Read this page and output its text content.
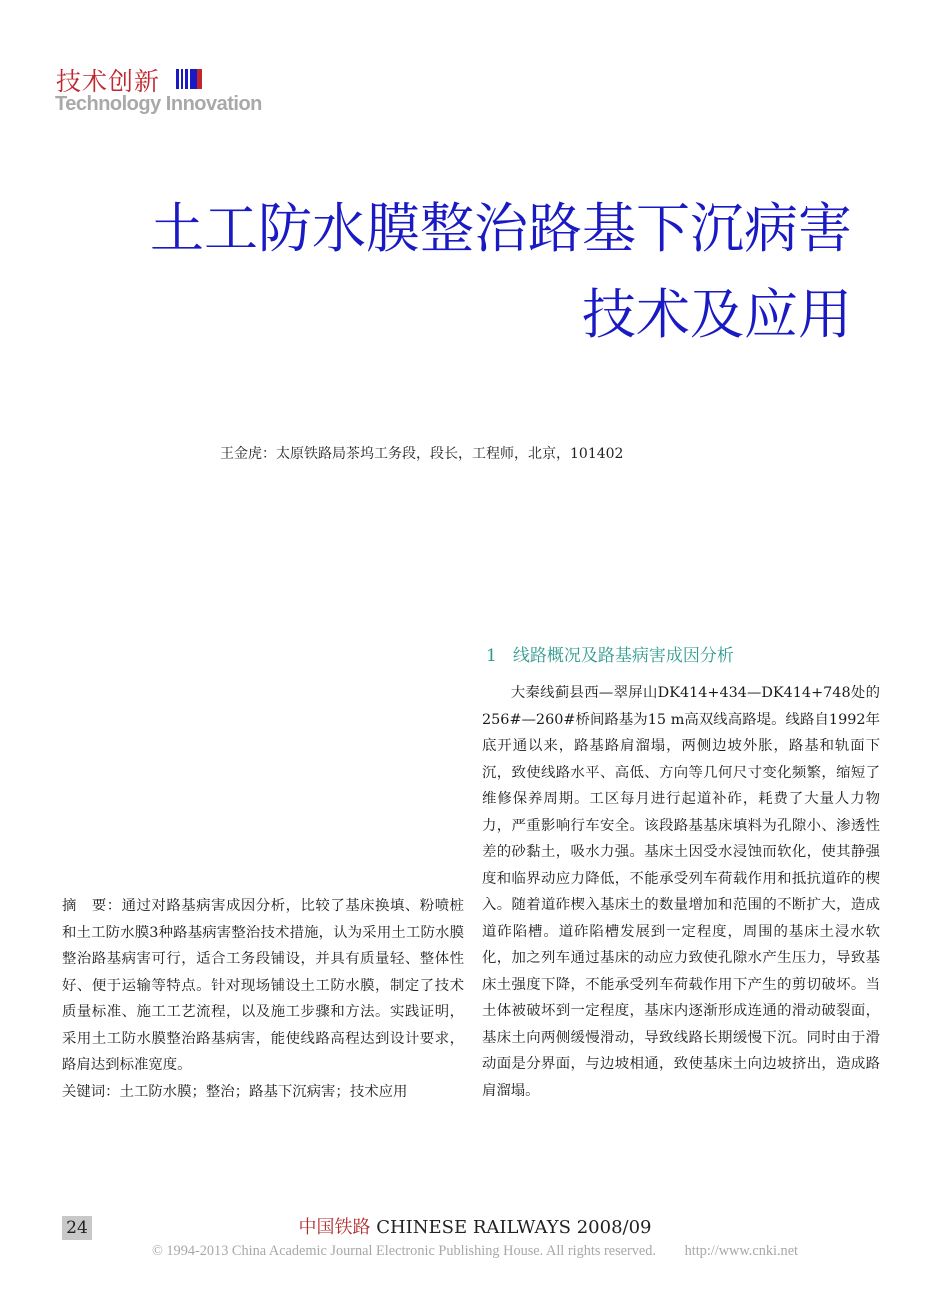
技术创新
Technology Innovation
土工防水膜整治路基下沉病害
技术及应用
王金虎：太原铁路局茶坞工务段，段长，工程师，北京，101402

摘　要：通过对路基病害成因分析，比较了基床换填、粉喷桩和土工防水膜3种路基病害整治技术措施，认为采用土工防水膜整治路基病害可行，适合工务段铺设，并具有质量轻、整体性好、便于运输等特点。针对现场铺设土工防水膜，制定了技术质量标准、施工工艺流程，以及施工步骤和方法。实践证明，采用土工防水膜整治路基病害，能使线路高程达到设计要求，路肩达到标准宽度。

关键词：土工防水膜；整治；路基下沉病害；技术应用

1 线路概况及路基病害成因分析

大秦线蓟县西—翠屏山DK414+434—DK414+748处的256#—260#桥间路基为15 m高双线高路堤。线路自1992年底开通以来，路基路肩溜塌，两侧边坡外胀，路基和轨面下沉，致使线路水平、高低、方向等几何尺寸变化频繁，缩短了维修保养周期。工区每月进行起道补砟，耗费了大量人力物力，严重影响行车安全。该段路基基床填料为孔隙小、渗透性差的砂黏土，吸水力强。基床土因受水浸蚀而软化，使其静强度和临界动应力降低，不能承受列车荷载作用和抵抗道砟的楔入。随着道砟楔入基床土的数量增加和范围的不断扩大，造成道砟陷槽。道砟陷槽发展到一定程度，周围的基床土浸水软化，加之列车通过基床的动应力致使孔隙水产生压力，导致基床土强度下降，不能承受列车荷载作用下产生的剪切破坏。当土体被破坏到一定程度，基床内逐渐形成连通的滑动破裂面，基床土向两侧缓慢滑动，导致线路长期缓慢下沉。同时由于滑动面是分界面，与边坡相通，致使基床土向边坡挤出，造成路肩溜塌。

24	中国铁路 CHINESE RAILWAYS 2008/09
© 1994-2013 China Academic Journal Electronic Publishing House. All rights reserved.　　http://www.cnki.net
